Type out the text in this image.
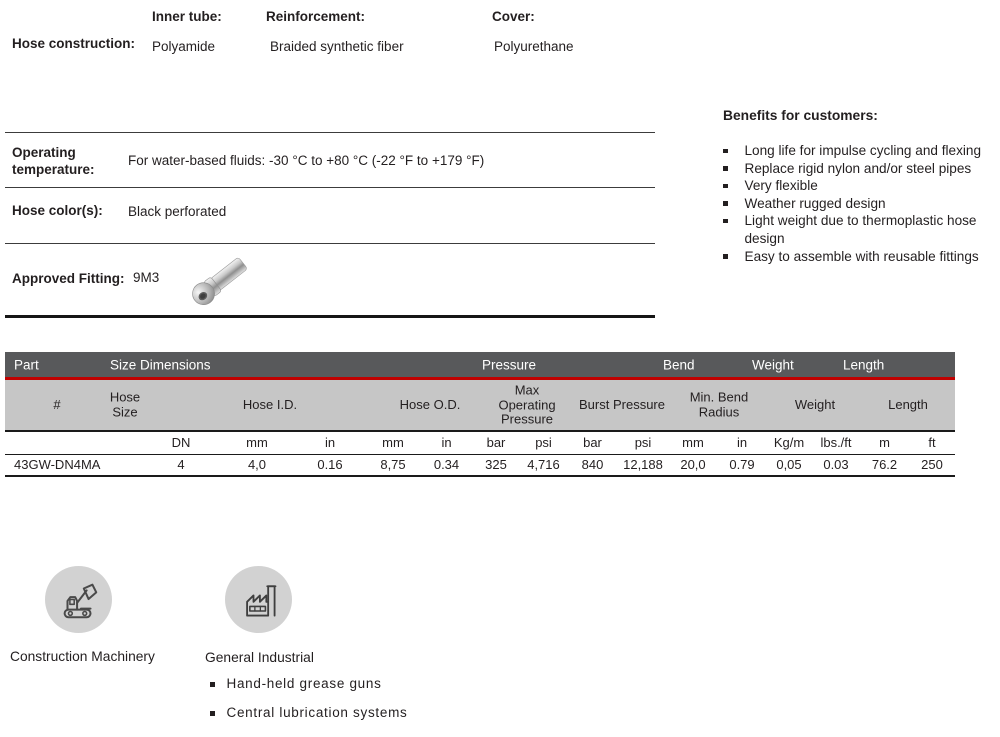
Hose construction:
Inner tube:	Reinforcement:	Cover:
Polyamide	Braided synthetic fiber	Polyurethane
Operating temperature:
For water-based fluids: -30 °C to +80 °C (-22 °F to +179 °F)
Hose color(s):	Black perforated
Approved Fitting: 9M3
Benefits for customers:
Long life for impulse cycling and flexing
Replace rigid nylon and/or steel pipes
Very flexible
Weather rugged design
Light weight due to thermoplastic hose design
Easy to assemble with reusable fittings
Part	Size Dimensions	Pressure	Bend	Weight	Length
#	Hose Size	Hose I.D.	Hose O.D.
Max Operating Pressure
Burst Pressure	Min. Bend Radius	Weight	Length
	DN	mm	in	mm	in	bar	psi	bar	psi	mm	in	Kg/m	lbs./ft	m	ft
43GW-DN4MA	4	4,0	0.16	8,75	0.34	325	4,716	840	12,188	20,0	0.79	0,05	0.03	76.2	250
Construction Machinery	General Industrial
Hand-held grease guns
Central lubrication systems
